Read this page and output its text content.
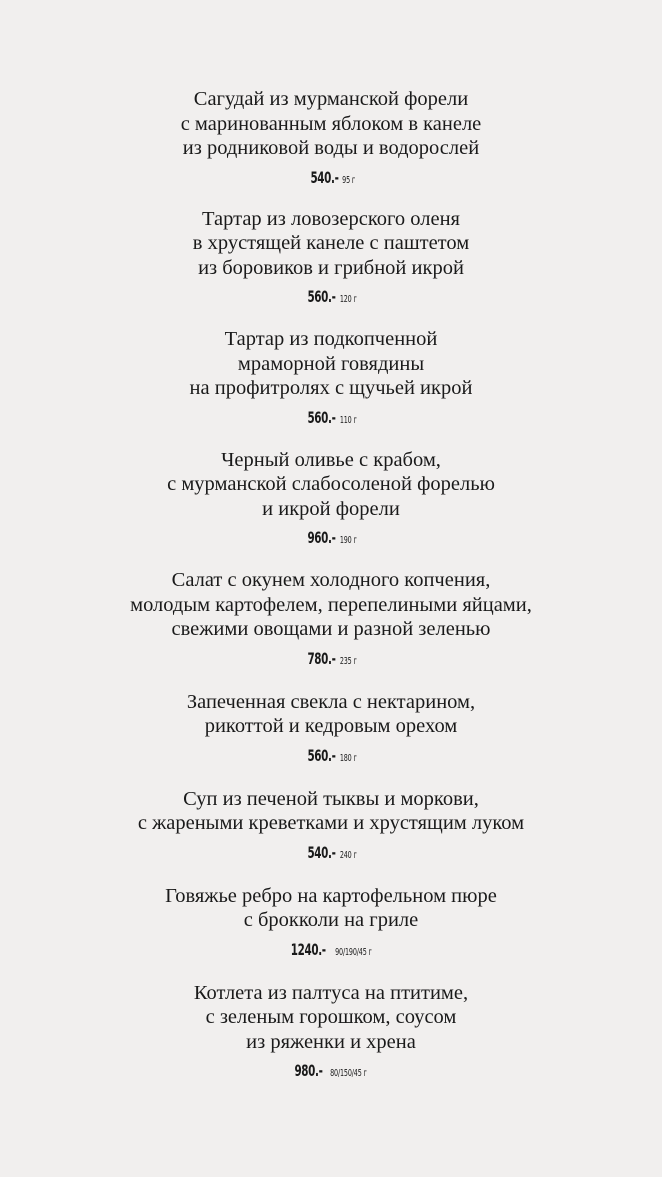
Сагудай из мурманской форели
с маринованным яблоком в канеле
из родниковой воды и водорослей
540.- 95 г
Тартар из ловозерского оленя
в хрустящей канеле с паштетом
из боровиков и грибной икрой
560.- 120 г
Тартар из подкопченной
мраморной говядины
на профитролях с щучьей икрой
560.- 110 г
Черный оливье с крабом,
с мурманской слабосоленой форелью
и икрой форели
960.- 190 г
Салат с окунем холодного копчения,
молодым картофелем, перепелиными яйцами,
свежими овощами и разной зеленью
780.- 235 г
Запеченная свекла с нектарином,
рикоттой и кедровым орехом
560.- 180 г
Суп из печеной тыквы и моркови,
с жареными креветками и хрустящим луком
540.- 240 г
Говяжье ребро на картофельном пюре
с брокколи на гриле
1240.- 90/190/45 г
Котлета из палтуса на птитиме,
с зеленым горошком, соусом
из ряженки и хрена
980.- 80/150/45 г
